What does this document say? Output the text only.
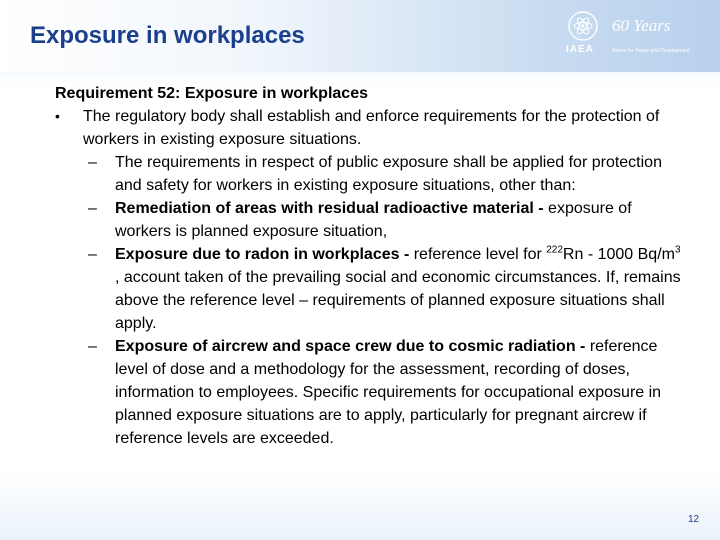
Exposure in workplaces
IAEA
60 Years
Atoms for Peace and Development

Requirement 52: Exposure in workplaces

• The regulatory body shall establish and enforce requirements for the protection of workers in existing exposure situations.
– The requirements in respect of public exposure shall be applied for protection and safety for workers in existing exposure situations, other than:
– Remediation of areas with residual radioactive material - exposure of workers is planned exposure situation,
– Exposure due to radon in workplaces - reference level for $^{222}$Rn - 1000 $Bq/m^3$ , account taken of the prevailing social and economic circumstances. If, remains above the reference level – requirements of planned exposure situations shall apply.
– Exposure of aircrew and space crew due to cosmic radiation - reference level of dose and a methodology for the assessment, recording of doses, information to employees. Specific requirements for occupational exposure in planned exposure situations are to apply, particularly for pregnant aircrew if reference levels are exceeded.
12
